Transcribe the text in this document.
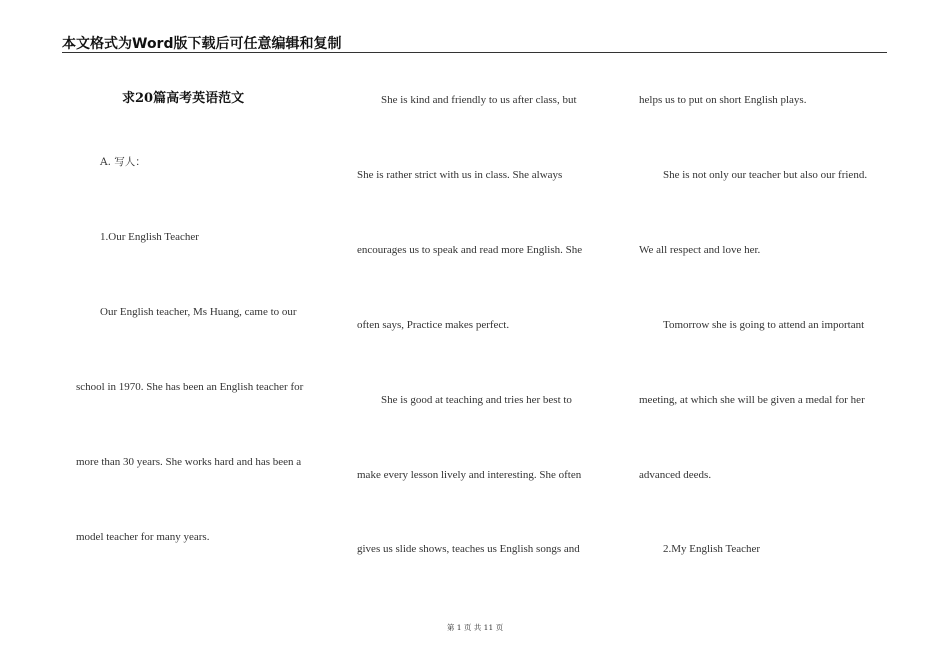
本文格式为Word版下载后可任意编辑和复制
求20篇高考英语范文
A. 写人：
1.Our English Teacher
Our English teacher, Ms Huang, came to our
school in 1970. She has been an English teacher for
more than 30 years. She works hard and has been a
model teacher for many years.
She is kind and friendly to us after class, but
She is rather strict with us in class. She always
encourages us to speak and read more English. She
often says, Practice makes perfect.
She is good at teaching and tries her best to
make every lesson lively and interesting. She often
gives us slide shows, teaches us English songs and
helps us to put on short English plays.
She is not only our teacher but also our friend.
We all respect and love her.
Tomorrow she is going to attend an important
meeting, at which she will be given a medal for her
advanced deeds.
2.My English Teacher
第 1 页 共 11 页
